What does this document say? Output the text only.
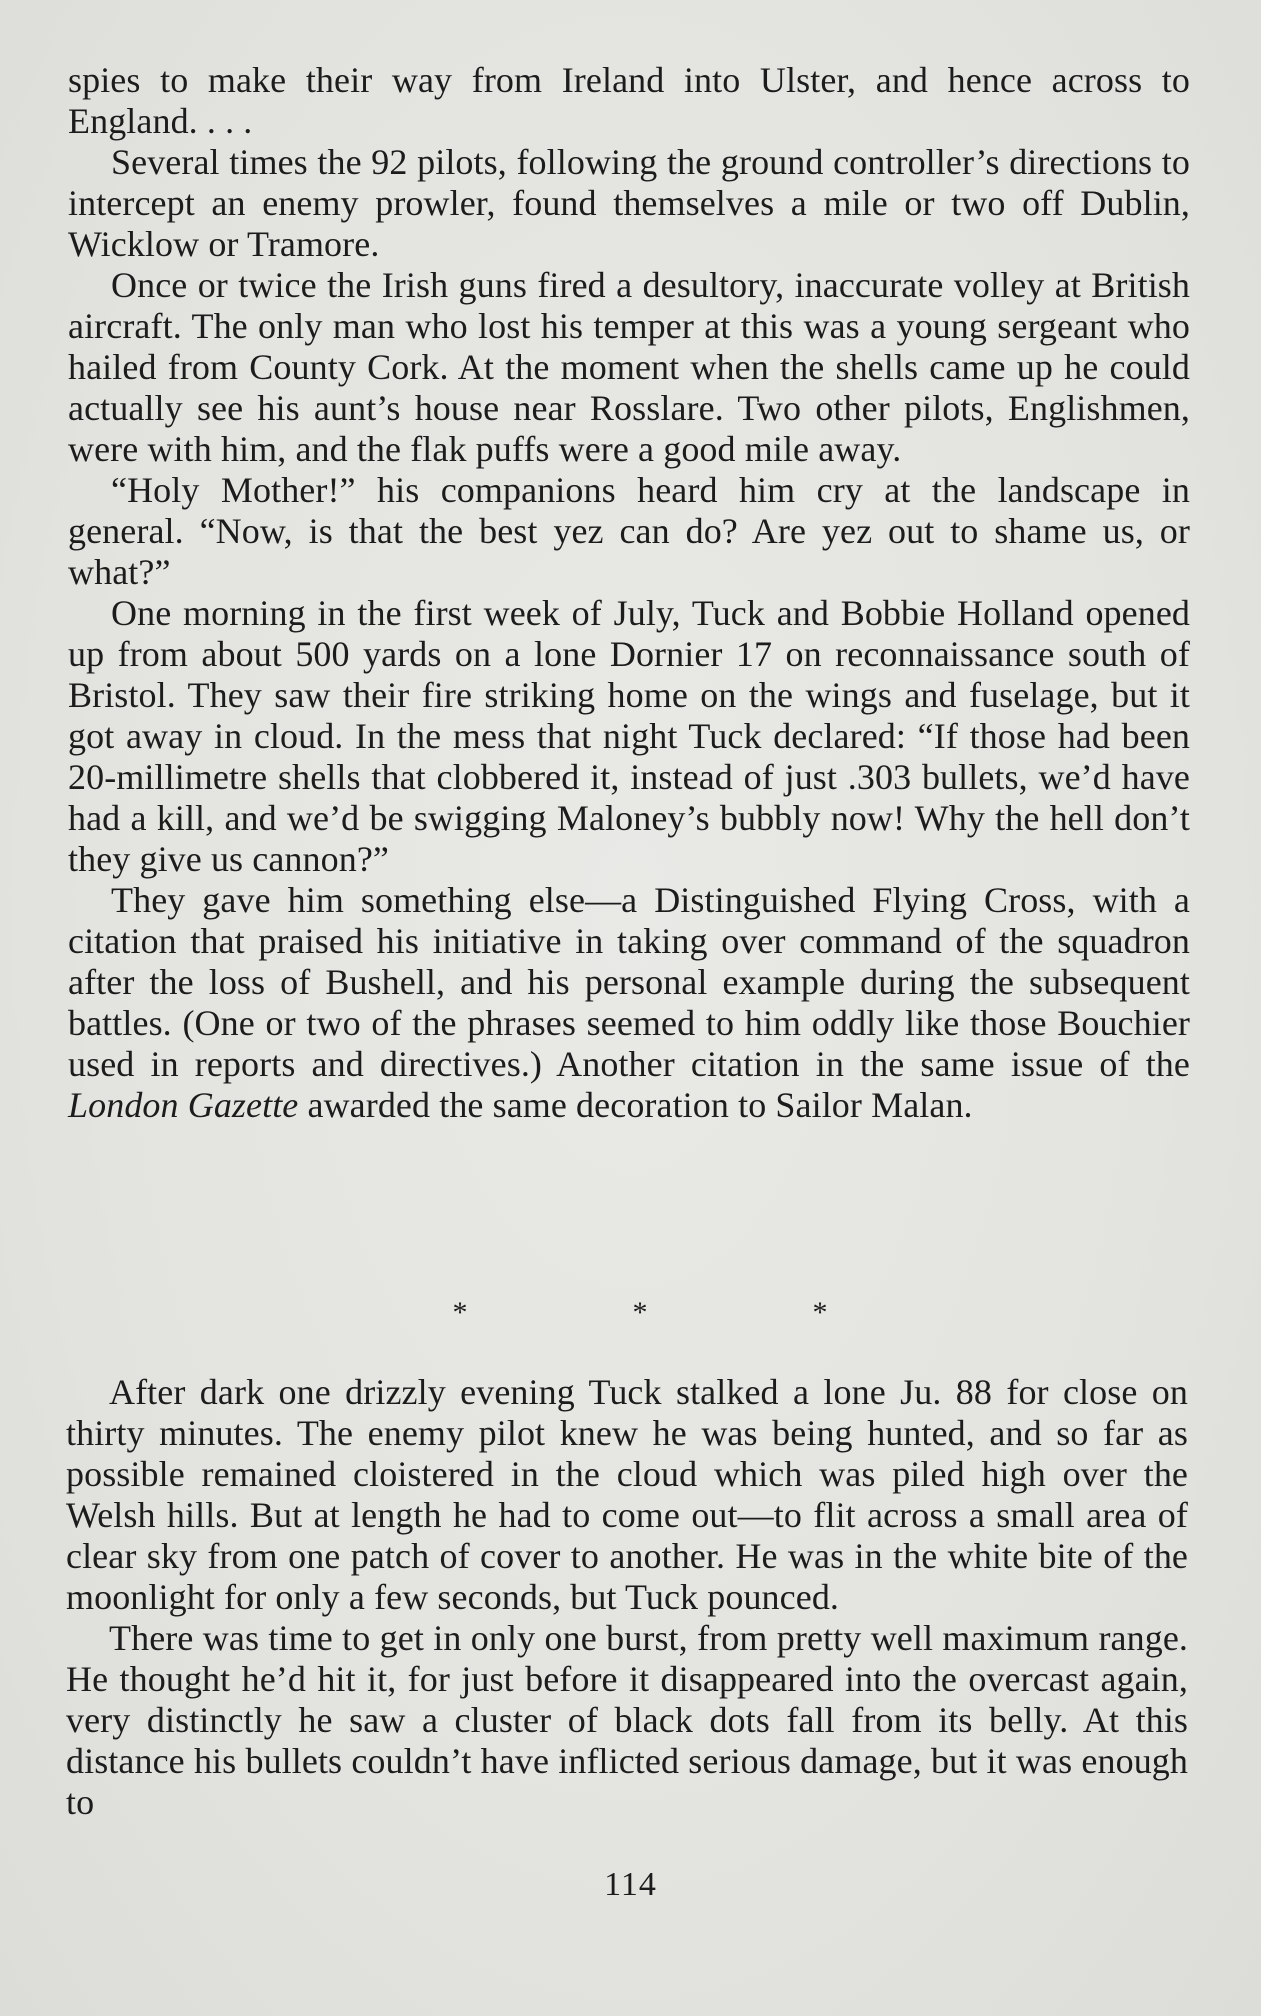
spies to make their way from Ireland into Ulster, and hence across to England. . . .

Several times the 92 pilots, following the ground controller’s directions to intercept an enemy prowler, found themselves a mile or two off Dublin, Wicklow or Tramore.

Once or twice the Irish guns fired a desultory, inaccurate volley at British aircraft. The only man who lost his temper at this was a young sergeant who hailed from County Cork. At the moment when the shells came up he could actually see his aunt’s house near Rosslare. Two other pilots, Englishmen, were with him, and the flak puffs were a good mile away.

“Holy Mother!” his companions heard him cry at the landscape in general. “Now, is that the best yez can do? Are yez out to shame us, or what?”

One morning in the first week of July, Tuck and Bobbie Holland opened up from about 500 yards on a lone Dornier 17 on reconnaissance south of Bristol. They saw their fire striking home on the wings and fuselage, but it got away in cloud. In the mess that night Tuck declared: “If those had been 20-millimetre shells that clobbered it, instead of just .303 bullets, we’d have had a kill, and we’d be swigging Maloney’s bubbly now! Why the hell don’t they give us cannon?”

They gave him something else—a Distinguished Flying Cross, with a citation that praised his initiative in taking over command of the squadron after the loss of Bushell, and his personal example during the subsequent battles. (One or two of the phrases seemed to him oddly like those Bouchier used in reports and directives.) Another citation in the same issue of the London Gazette awarded the same decoration to Sailor Malan.

*	*	*

After dark one drizzly evening Tuck stalked a lone Ju. 88 for close on thirty minutes. The enemy pilot knew he was being hunted, and so far as possible remained cloistered in the cloud which was piled high over the Welsh hills. But at length he had to come out—to flit across a small area of clear sky from one patch of cover to another. He was in the white bite of the moonlight for only a few seconds, but Tuck pounced.

There was time to get in only one burst, from pretty well maximum range. He thought he’d hit it, for just before it disappeared into the overcast again, very distinctly he saw a cluster of black dots fall from its belly. At this distance his bullets couldn’t have inflicted serious damage, but it was enough to

114
